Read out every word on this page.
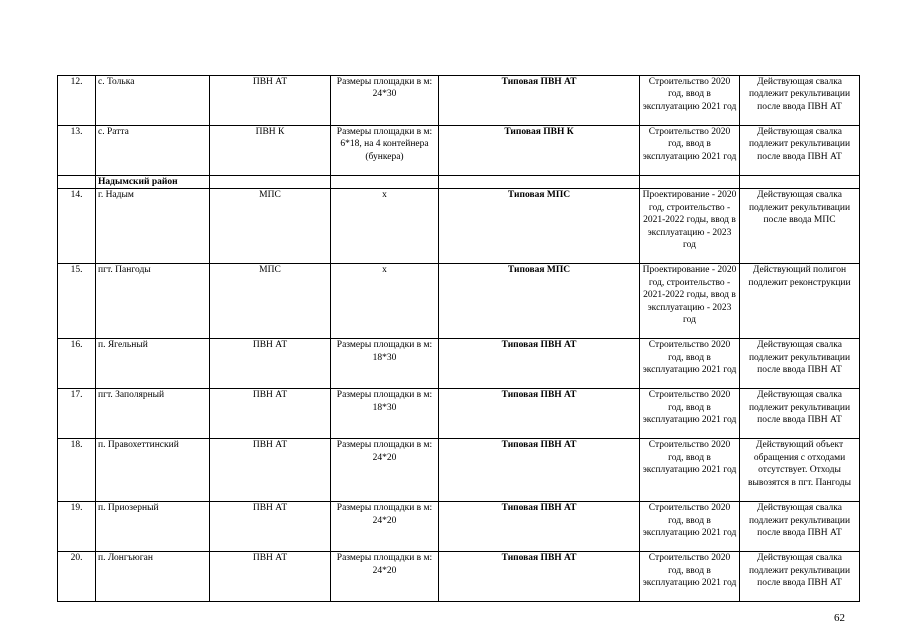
12.	с. Толька	ПВН АТ	Размеры площадки в м: 24*30	Типовая ПВН АТ	Строительство 2020 год, ввод в эксплуатацию 2021 год	Действующая свалка подлежит рекультивации после ввода ПВН АТ
13.	с. Ратта	ПВН К	Размеры площадки в м: 6*18, на 4 контейнера (бункера)	Типовая ПВН К	Строительство 2020 год, ввод в эксплуатацию 2021 год	Действующая свалка подлежит рекультивации после ввода ПВН АТ
	Надымский район					
14.	г. Надым	МПС	х	Типовая МПС	Проектирование - 2020 год, строительство - 2021-2022 годы, ввод в эксплуатацию - 2023 год	Действующая свалка подлежит рекультивации после ввода МПС
15.	пгт. Пангоды	МПС	х	Типовая МПС	Проектирование - 2020 год, строительство - 2021-2022 годы, ввод в эксплуатацию - 2023 год	Действующий полигон подлежит реконструкции
16.	п. Ягельный	ПВН АТ	Размеры площадки в м: 18*30	Типовая ПВН АТ	Строительство 2020 год, ввод в эксплуатацию 2021 год	Действующая свалка подлежит рекультивации после ввода ПВН АТ
17.	пгт. Заполярный	ПВН АТ	Размеры площадки в м: 18*30	Типовая ПВН АТ	Строительство 2020 год, ввод в эксплуатацию 2021 год	Действующая свалка подлежит рекультивации после ввода ПВН АТ
18.	п. Правохеттинский	ПВН АТ	Размеры площадки в м: 24*20	Типовая ПВН АТ	Строительство 2020 год, ввод в эксплуатацию 2021 год	Действующий объект обращения с отходами отсутствует. Отходы вывозятся в пгт. Пангоды
19.	п. Приозерный	ПВН АТ	Размеры площадки в м: 24*20	Типовая ПВН АТ	Строительство 2020 год, ввод в эксплуатацию 2021 год	Действующая свалка подлежит рекультивации после ввода ПВН АТ
20.	п. Лонгъюган	ПВН АТ	Размеры площадки в м: 24*20	Типовая ПВН АТ	Строительство 2020 год, ввод в эксплуатацию 2021 год	Действующая свалка подлежит рекультивации после ввода ПВН АТ
62
